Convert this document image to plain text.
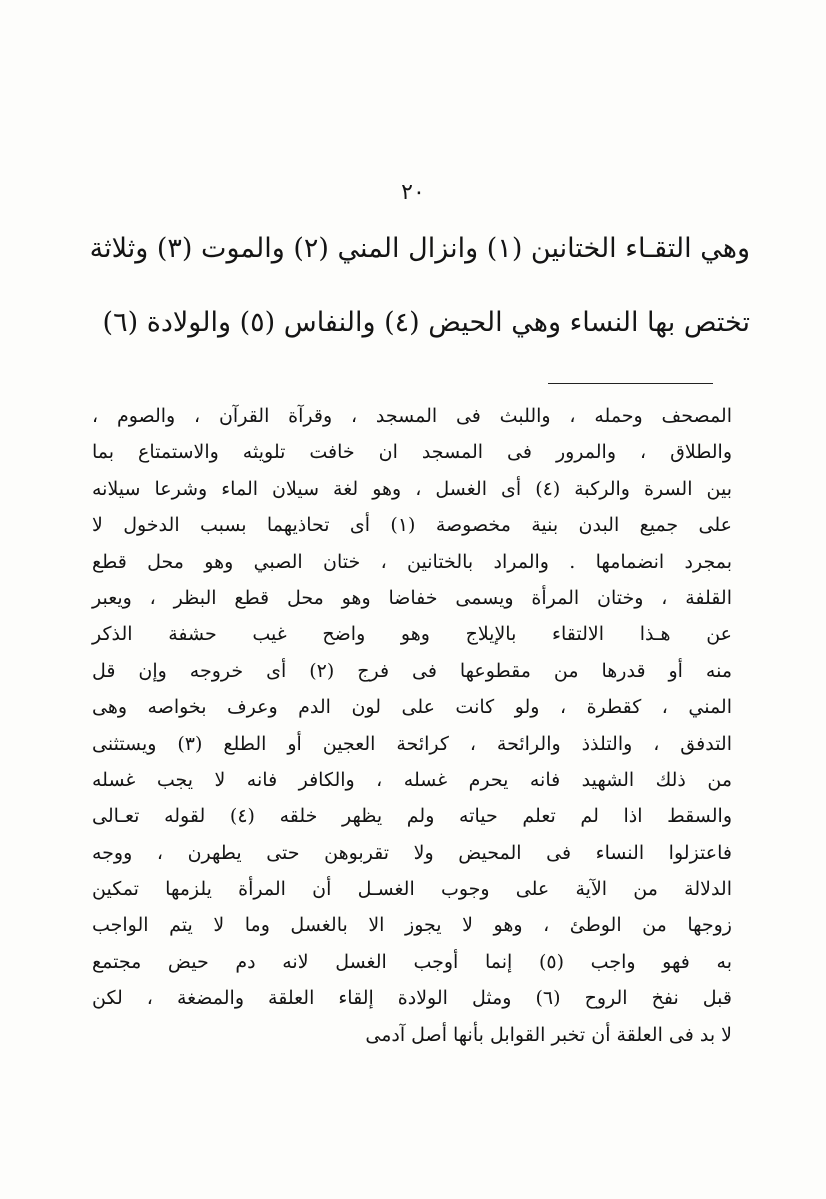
٢٠
وهي التقـاء الختانين (١) وانزال المني (٢) والموت (٣) وثلاثة
تختص بها النساء وهي الحيض (٤) والنفاس (٥) والولادة (٦)
المصحف وحمله ، واللبث فى المسجد ، وقرآة القرآن ، والصوم ،
والطلاق ، والمرور فى المسجد ان خافت تلويثه والاستمتاع بما
بين السرة والركبة (٤) أى الغسل ، وهو لغة سيلان الماء وشرعا سيلانه
على جميع البدن بنية مخصوصة (١) أى تحاذيهما بسبب الدخول لا
بمجرد انضمامها . والمراد بالختانين ، ختان الصبي وهو محل قطع
القلفة ، وختان المرأة ويسمى خفاضا وهو محل قطع البظر ، ويعبر
عن هـذا الالتقاء بالإيلاج وهو واضح غيب حشفة الذكر
منه أو قدرها من مقطوعها فى فرج (٢) أى خروجه وإن قل
المني ، كقطرة ، ولو كانت على لون الدم وعرف بخواصه وهى
التدفق ، والتلذذ والرائحة ، كرائحة العجين أو الطلع (٣) ويستثنى
من ذلك الشهيد فانه يحرم غسله ، والكافر فانه لا يجب غسله
والسقط اذا لم تعلم حياته ولم يظهر خلقه (٤) لقوله تعـالى
فاعتزلوا النساء فى المحيض ولا تقربوهن حتى يطهرن ، ووجه
الدلالة من الآية على وجوب الغسـل أن المرأة يلزمها تمكين
زوجها من الوطئ ، وهو لا يجوز الا بالغسل وما لا يتم الواجب
به فهو واجب (٥) إنما أوجب الغسل لانه دم حيض مجتمع
قبل نفخ الروح (٦) ومثل الولادة إلقاء العلقة والمضغة ، لكن
لا بد فى العلقة أن تخبر القوابل بأنها أصل آدمى
